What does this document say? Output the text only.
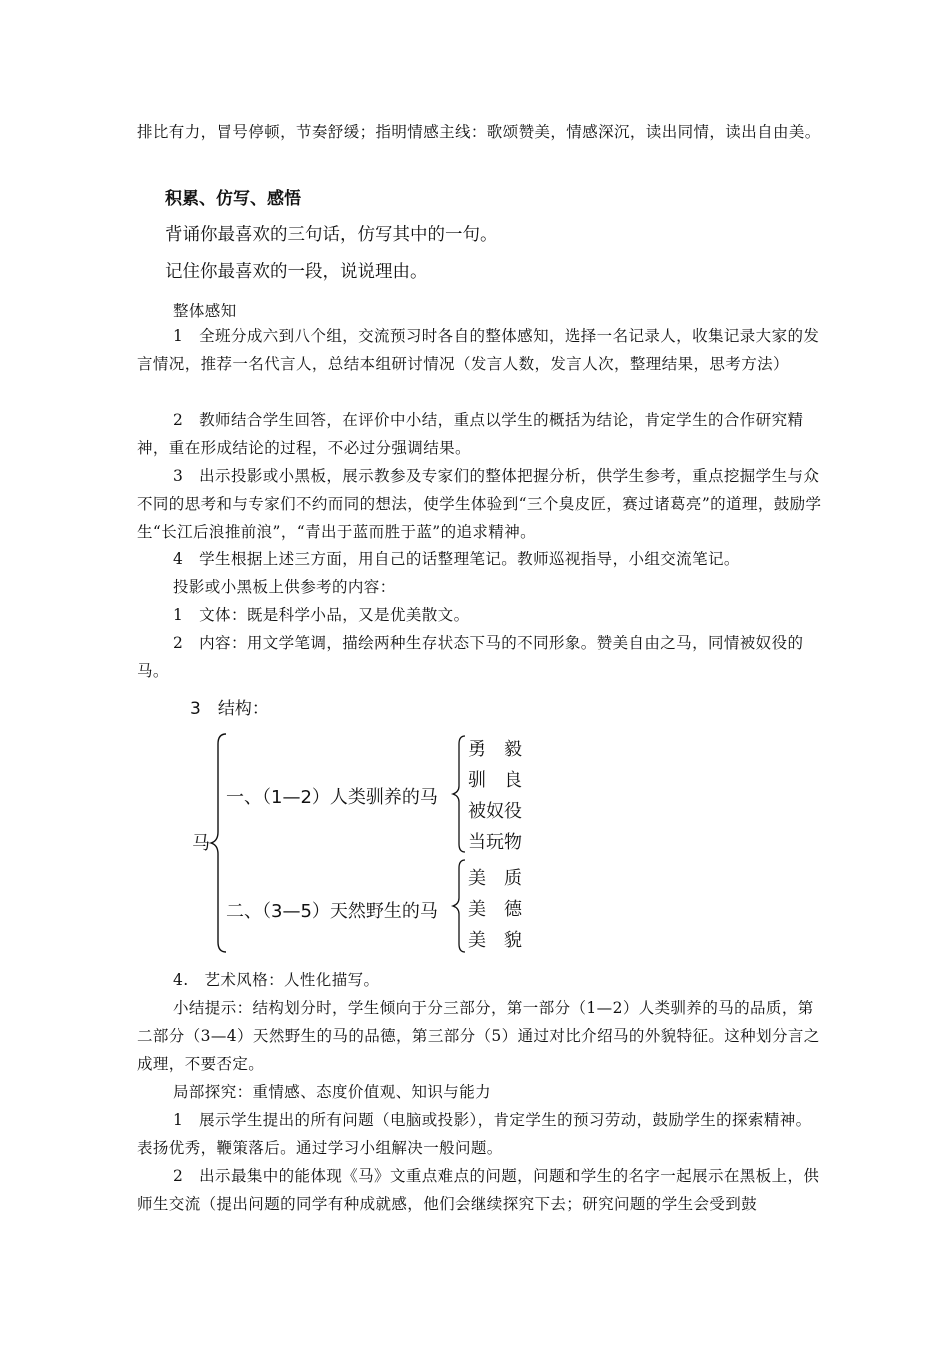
排比有力，冒号停顿，节奏舒缓；指明情感主线：歌颂赞美，情感深沉，读出同情，读出自由美。

积累、仿写、感悟

背诵你最喜欢的三句话，仿写其中的一句。

记住你最喜欢的一段，说说理由。

整体感知

1　全班分成六到八个组，交流预习时各自的整体感知，选择一名记录人，收集记录大家的发言情况，推荐一名代言人，总结本组研讨情况（发言人数，发言人次，整理结果，思考方法）

2　教师结合学生回答，在评价中小结，重点以学生的概括为结论，肯定学生的合作研究精神，重在形成结论的过程，不必过分强调结果。

3　出示投影或小黑板，展示教参及专家们的整体把握分析，供学生参考，重点挖掘学生与众不同的思考和与专家们不约而同的想法，使学生体验到“三个臭皮匠，赛过诸葛亮”的道理，鼓励学生“长江后浪推前浪”，“青出于蓝而胜于蓝”的追求精神。

4　学生根据上述三方面，用自己的话整理笔记。教师巡视指导，小组交流笔记。

投影或小黑板上供参考的内容：

1　文体：既是科学小品，又是优美散文。

2　内容：用文学笔调，描绘两种生存状态下马的不同形象。赞美自由之马，同情被奴役的马。

3　结构：

马
一、（1—2）人类驯养的马
二、（3—5）天然野生的马
勇　毅
驯　良
被奴役
当玩物
美　质
美　德
美　貌

4.　艺术风格：人性化描写。

小结提示：结构划分时，学生倾向于分三部分，第一部分（1—2）人类驯养的马的品质，第二部分（3—4）天然野生的马的品德，第三部分（5）通过对比介绍马的外貌特征。这种划分言之成理，不要否定。

局部探究：重情感、态度价值观、知识与能力

1　展示学生提出的所有问题（电脑或投影），肯定学生的预习劳动，鼓励学生的探索精神。表扬优秀，鞭策落后。通过学习小组解决一般问题。

2　出示最集中的能体现《马》文重点难点的问题，问题和学生的名字一起展示在黑板上，供师生交流（提出问题的同学有种成就感，他们会继续探究下去；研究问题的学生会受到鼓
